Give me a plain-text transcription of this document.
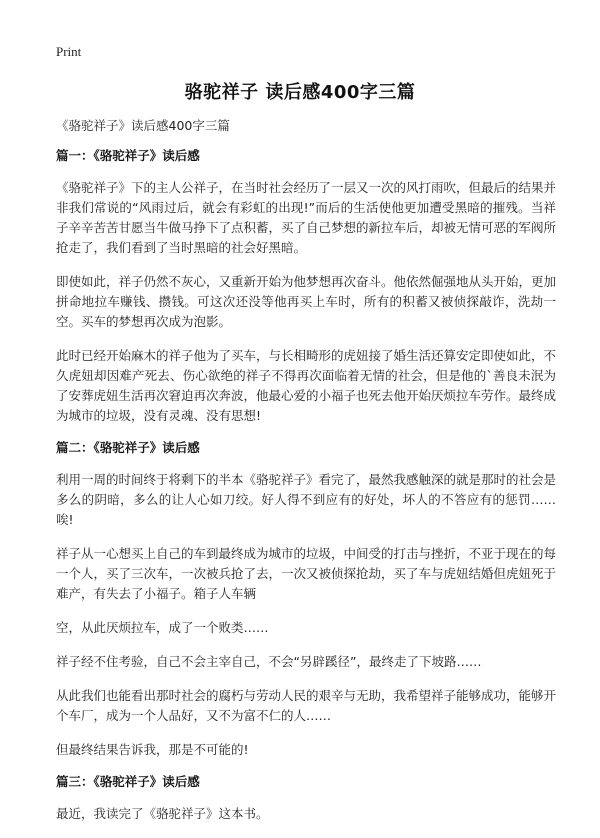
Print
骆驼祥子 读后感400字三篇
《骆驼祥子》读后感400字三篇
篇一：《骆驼祥子》读后感
《骆驼祥子》下的主人公祥子，在当时社会经历了一层又一次的风打雨吹，但最后的结果并非我们常说的“风雨过后，就会有彩虹的出现!”而后的生活使他更加遭受黑暗的摧残。当祥子辛辛苦苦甘愿当牛做马挣下了点积蓄，买了自己梦想的新拉车后，却被无情可恶的军阀所抢走了，我们看到了当时黑暗的社会好黑暗。
即使如此，祥子仍然不灰心，又重新开始为他梦想再次奋斗。他依然倔强地从头开始，更加拼命地拉车赚钱、攒钱。可这次还没等他再买上车时，所有的积蓄又被侦探敲诈，洗劫一空。买车的梦想再次成为泡影。
此时已经开始麻木的祥子他为了买车，与长相畸形的虎妞接了婚生活还算安定即使如此，不久虎妞却因难产死去、伤心欲绝的祥子不得再次面临着无情的社会，但是他的`善良未泯为了安葬虎妞生活再次窘迫再次奔波，他最心爱的小福子也死去他开始厌烦拉车劳作。最终成为城市的垃圾，没有灵魂、没有思想!
篇二：《骆驼祥子》读后感
利用一周的时间终于将剩下的半本《骆驼祥子》看完了，最然我感触深的就是那时的社会是多么的阴暗，多么的让人心如刀绞。好人得不到应有的好处，坏人的不答应有的惩罚……唉!
祥子从一心想买上自己的车到最终成为城市的垃圾，中间受的打击与挫折，不亚于现在的每一个人，买了三次车，一次被兵抢了去，一次又被侦探抢劫，买了车与虎妞结婚但虎妞死于难产，有失去了小福子。箱子人车辆
空，从此厌烦拉车，成了一个败类……
祥子经不住考验，自己不会主宰自己，不会“另辟蹊径”，最终走了下坡路……
从此我们也能看出那时社会的腐朽与劳动人民的艰辛与无助，我希望祥子能够成功，能够开个车厂，成为一个人品好，又不为富不仁的人……
但最终结果告诉我，那是不可能的!
篇三：《骆驼祥子》读后感
最近，我读完了《骆驼祥子》这本书。
